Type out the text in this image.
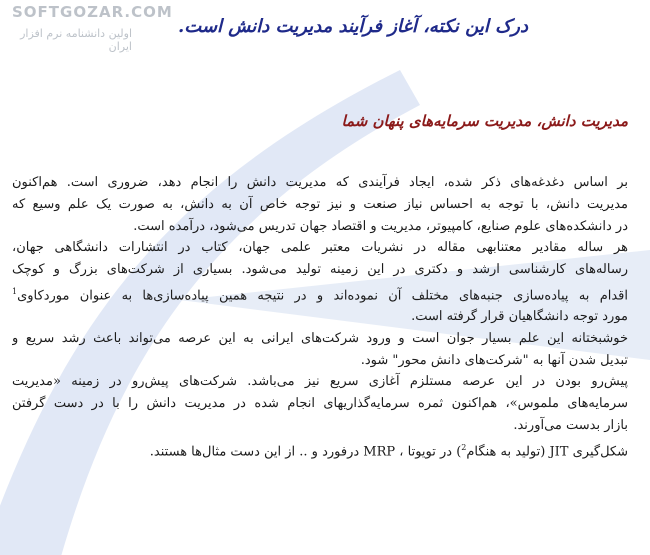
SOFTGOZAR.COM
اولین دانشنامه نرم افزار ایران
درک این نکته، آغاز فرآیند مدیریت دانش است.
مدیریت دانش، مدیریت سرمایه‌های پنهان شما
بر اساس دغدغه‌های ذکر شده، ایجاد فرآیندی که مدیریت دانش را انجام دهد، ضروری است. هم‌اکنون
مدیریت دانش، با توجه به احساس نیاز صنعت و نیز توجه خاص آن به دانش، به صورت یک علم وسیع که
در دانشکده‌های علوم صنایع، کامپیوتر، مدیریت و اقتصاد جهان تدریس می‌شود، درآمده است.
هر ساله مقادیر معتنابهی مقاله در نشریات معتبر علمی جهان، کتاب در انتشارات دانشگاهی جهان،
رساله‌های کارشناسی ارشد و دکتری در این زمینه تولید می‌شود. بسیاری از شرکت‌های بزرگ و کوچک
اقدام به پیاده‌سازی جنبه‌های مختلف آن نموده‌اند و در نتیجه همین پیاده‌سازی‌ها به عنوان موردکاوی$^1$
مورد توجه دانشگاهیان قرار گرفته است.
خوشبختانه این علم بسیار جوان است و ورود شرکت‌های ایرانی به این عرصه می‌تواند باعث رشد سریع و
تبدیل شدن آنها به "شرکت‌های دانش محور" شود.
پیش‌رو بودن در این عرصه مستلزم آغازی سریع نیز می‌باشد. شرکت‌های پیش‌رو در زمینه «مدیریت
سرمایه‌های ملموس»، هم‌اکنون ثمره سرمایه‌گذاریهای انجام شده در مدیریت دانش را با در دست گرفتن
بازار بدست می‌آورند.
شکل‌گیری JIT (تولید به هنگام$^2$) در تویوتا ، MRP درفورد و .. از این دست مثال‌ها هستند.
